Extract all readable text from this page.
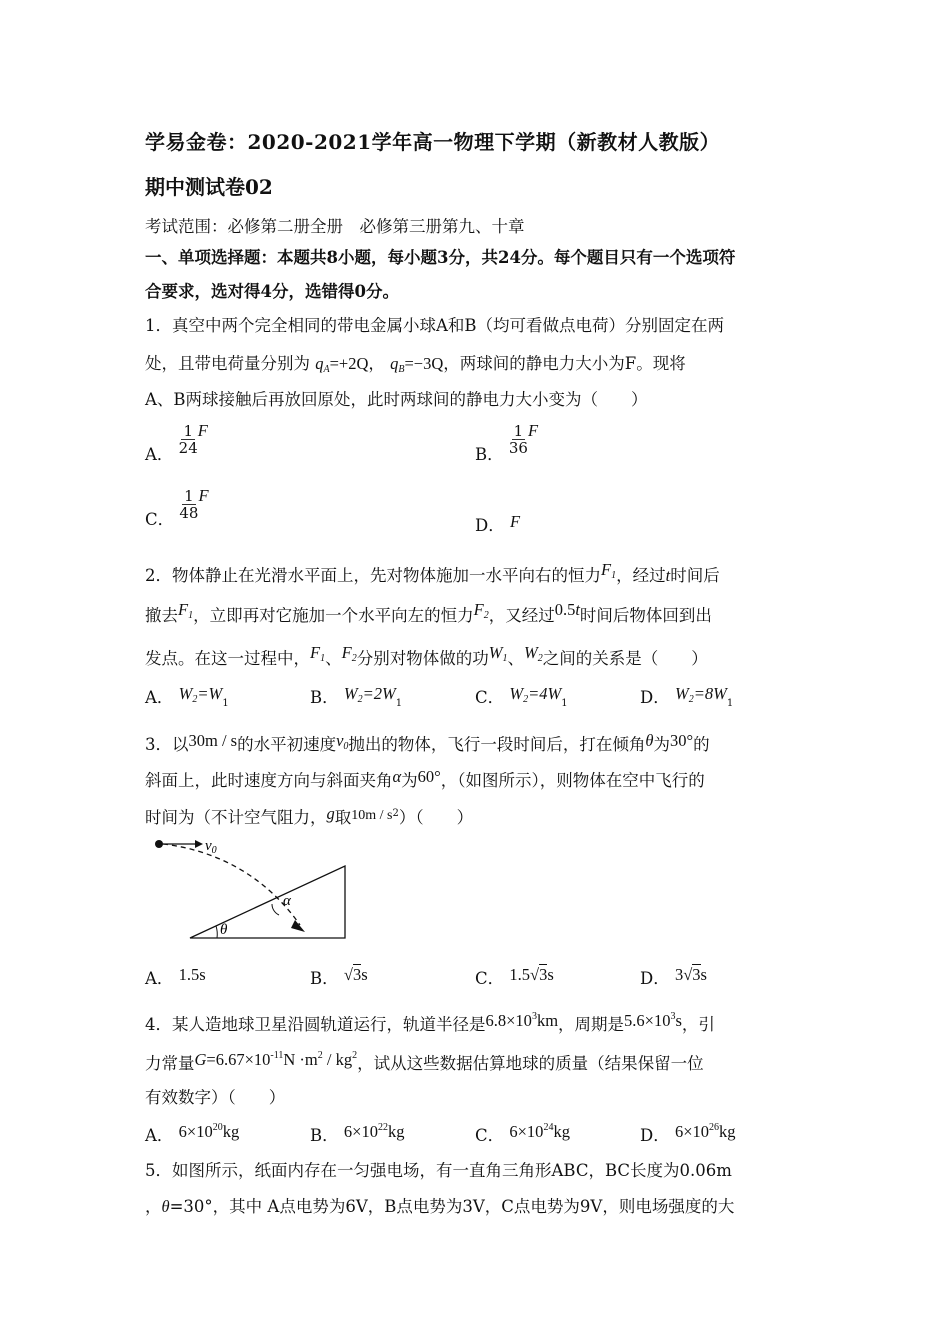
学易金卷：2020-2021学年高一物理下学期（新教材人教版）
期中测试卷02
考试范围：必修第二册全册　必修第三册第九、十章
一、单项选择题：本题共8小题，每小题3分，共24分。每个题目只有一个选项符
合要求，选对得4分，选错得0分。
1．真空中两个完全相同的带电金属小球A和B（均可看做点电荷）分别固定在两
处，且带电荷量分别为 $q_A=+2Q$， $q_B=-3Q$，两球间的静电力大小为F。现将
A、B两球接触后再放回原处，此时两球间的静电力大小变为（　　）
A． $\frac{1}{24}$ F
B． $\frac{1}{36}$ F
C． $\frac{1}{48}$ F
D． F
2．物体静止在光滑水平面上，先对物体施加一水平向右的恒力$F_1$，经过t时间后
撤去$F_1$，立即再对它施加一个水平向左的恒力$F_2$，又经过0.5t时间后物体回到出
发点。在这一过程中，$F_1$、$F_2$分别对物体做的功$W_1$、$W_2$之间的关系是（　　）
A． $W_2=W_1$	B． $W_2=2W_1$	C． $W_2=4W_1$	D． $W_2=8W_1$
3．以30m / s的水平初速度$v_0$抛出的物体，飞行一段时间后，打在倾角θ为30°的
斜面上，此时速度方向与斜面夹角α为60°，（如图所示），则物体在空中飞行的
时间为（不计空气阻力，g取$^{10m / s2}$）（　　）
$v_0$
θ
α
A． 1.5s	B． √3s	C． 1.5√3s	D． 3√3s
4．某人造地球卫星沿圆轨道运行，轨道半径是$6.8\times 10^3km$，周期是$5.6\times 10^3s$，引
力常量$G=6.67\times 10^{-11}N \cdot m^2 / kg^2$，试从这些数据估算地球的质量（结果保留一位
有效数字）（　　）
A． $6\times 10^{20}kg$	B． $6\times 10^{22}kg$	C． $6\times 10^{24}kg$	D． $6\times 10^{26}kg$
5．如图所示，纸面内存在一匀强电场，有一直角三角形ABC，BC长度为0.06m
，θ=30°，其中 A点电势为6V，B点电势为3V，C点电势为9V，则电场强度的大
